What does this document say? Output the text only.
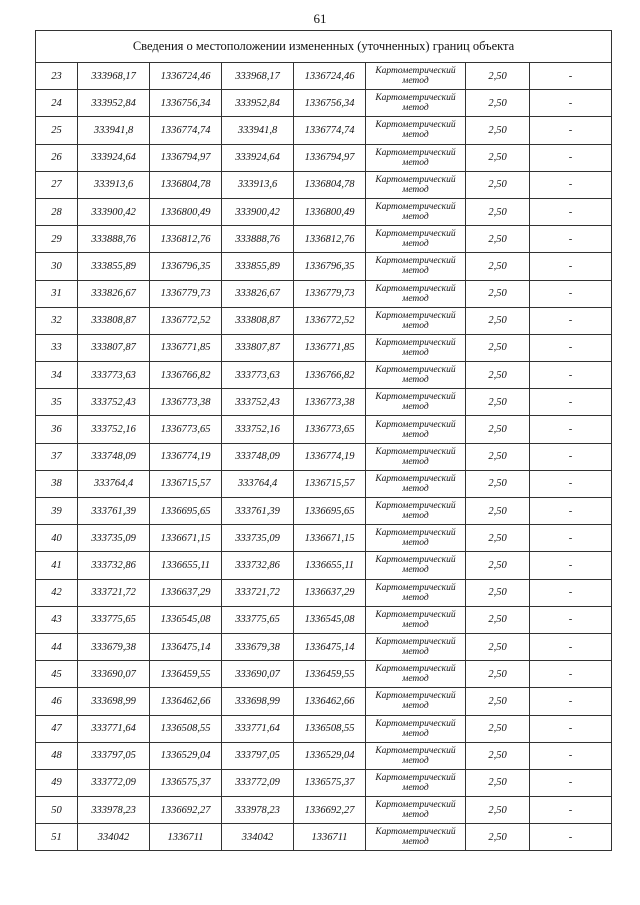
61
Сведения о местоположении измененных (уточненных) границ объекта							
23	333968,17	1336724,46	333968,17	1336724,46	Картометрический метод	2,50	-
24	333952,84	1336756,34	333952,84	1336756,34	Картометрический метод	2,50	-
25	333941,8	1336774,74	333941,8	1336774,74	Картометрический метод	2,50	-
26	333924,64	1336794,97	333924,64	1336794,97	Картометрический метод	2,50	-
27	333913,6	1336804,78	333913,6	1336804,78	Картометрический метод	2,50	-
28	333900,42	1336800,49	333900,42	1336800,49	Картометрический метод	2,50	-
29	333888,76	1336812,76	333888,76	1336812,76	Картометрический метод	2,50	-
30	333855,89	1336796,35	333855,89	1336796,35	Картометрический метод	2,50	-
31	333826,67	1336779,73	333826,67	1336779,73	Картометрический метод	2,50	-
32	333808,87	1336772,52	333808,87	1336772,52	Картометрический метод	2,50	-
33	333807,87	1336771,85	333807,87	1336771,85	Картометрический метод	2,50	-
34	333773,63	1336766,82	333773,63	1336766,82	Картометрический метод	2,50	-
35	333752,43	1336773,38	333752,43	1336773,38	Картометрический метод	2,50	-
36	333752,16	1336773,65	333752,16	1336773,65	Картометрический метод	2,50	-
37	333748,09	1336774,19	333748,09	1336774,19	Картометрический метод	2,50	-
38	333764,4	1336715,57	333764,4	1336715,57	Картометрический метод	2,50	-
39	333761,39	1336695,65	333761,39	1336695,65	Картометрический метод	2,50	-
40	333735,09	1336671,15	333735,09	1336671,15	Картометрический метод	2,50	-
41	333732,86	1336655,11	333732,86	1336655,11	Картометрический метод	2,50	-
42	333721,72	1336637,29	333721,72	1336637,29	Картометрический метод	2,50	-
43	333775,65	1336545,08	333775,65	1336545,08	Картометрический метод	2,50	-
44	333679,38	1336475,14	333679,38	1336475,14	Картометрический метод	2,50	-
45	333690,07	1336459,55	333690,07	1336459,55	Картометрический метод	2,50	-
46	333698,99	1336462,66	333698,99	1336462,66	Картометрический метод	2,50	-
47	333771,64	1336508,55	333771,64	1336508,55	Картометрический метод	2,50	-
48	333797,05	1336529,04	333797,05	1336529,04	Картометрический метод	2,50	-
49	333772,09	1336575,37	333772,09	1336575,37	Картометрический метод	2,50	-
50	333978,23	1336692,27	333978,23	1336692,27	Картометрический метод	2,50	-
51	334042	1336711	334042	1336711	Картометрический метод	2,50	-
